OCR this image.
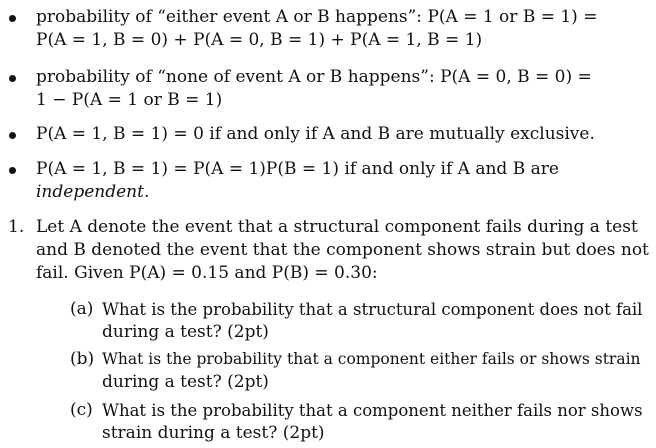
probability of “either event A or B happens”: P(A = 1 or B = 1) =
P(A = 1, B = 0) + P(A = 0, B = 1) + P(A = 1, B = 1)
probability of “none of event A or B happens”: P(A = 0, B = 0) =
1 − P(A = 1 or B = 1)
P(A = 1, B = 1) = 0 if and only if A and B are mutually exclusive.
P(A = 1, B = 1) = P(A = 1)P(B = 1) if and only if A and B are
independent.
1. Let A denote the event that a structural component fails during a test
and B denoted the event that the component shows strain but does not
fail. Given P(A) = 0.15 and P(B) = 0.30:
(a) What is the probability that a structural component does not fail
during a test? (2pt)
(b) What is the probability that a component either fails or shows strain
during a test? (2pt)
(c) What is the probability that a component neither fails nor shows
strain during a test? (2pt)
